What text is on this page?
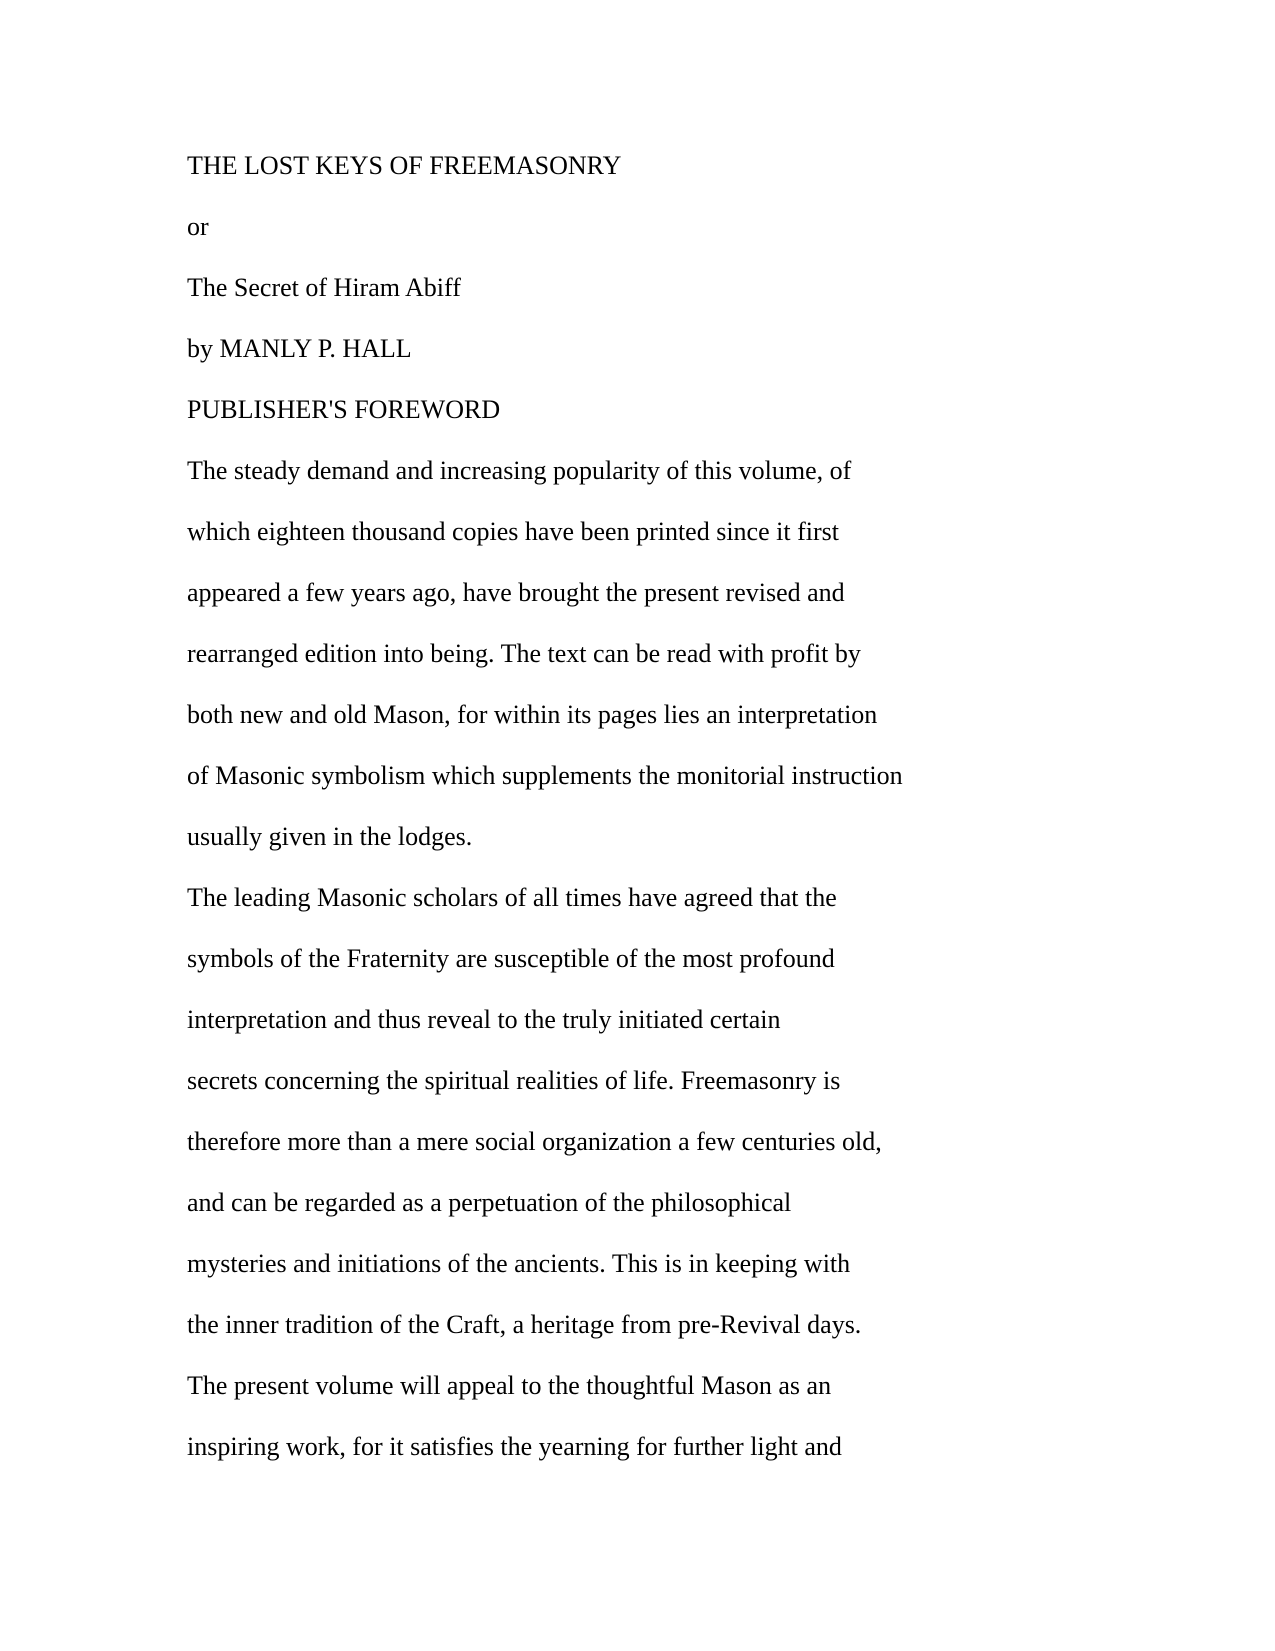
THE LOST KEYS OF FREEMASONRY

or

The Secret of Hiram Abiff

by MANLY P. HALL

PUBLISHER'S FOREWORD

The steady demand and increasing popularity of this volume, of

which eighteen thousand copies have been printed since it first

appeared a few years ago, have brought the present revised and

rearranged edition into being. The text can be read with profit by

both new and old Mason, for within its pages lies an interpretation

of Masonic symbolism which supplements the monitorial instruction

usually given in the lodges.

The leading Masonic scholars of all times have agreed that the

symbols of the Fraternity are susceptible of the most profound

interpretation and thus reveal to the truly initiated certain

secrets concerning the spiritual realities of life. Freemasonry is

therefore more than a mere social organization a few centuries old,

and can be regarded as a perpetuation of the philosophical

mysteries and initiations of the ancients. This is in keeping with

the inner tradition of the Craft, a heritage from pre-Revival days.

The present volume will appeal to the thoughtful Mason as an

inspiring work, for it satisfies the yearning for further light and
